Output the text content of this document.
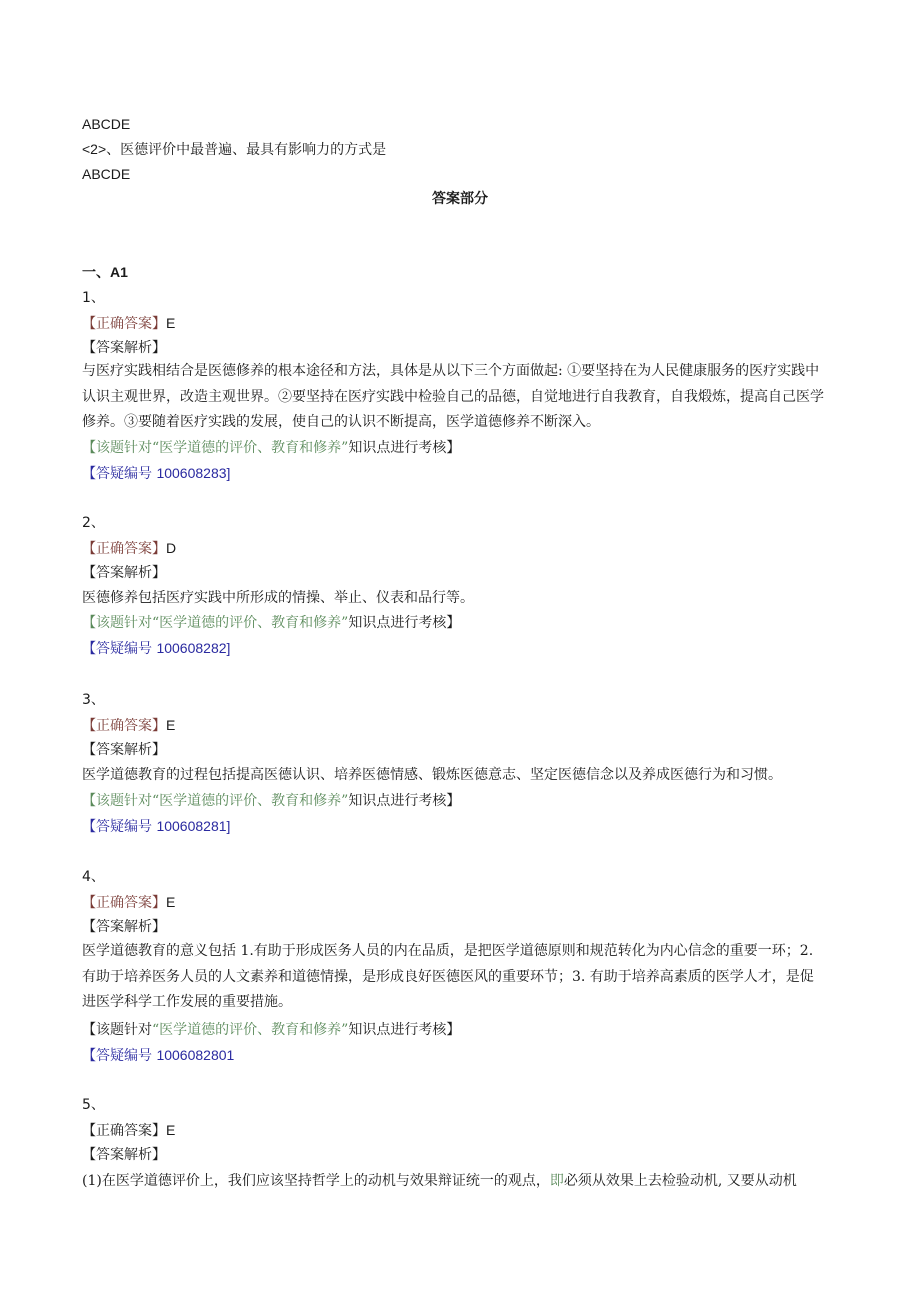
ABCDE
<2>、医德评价中最普遍、最具有影响力的方式是
ABCDE
答案部分
一、A1
1、
【正确答案】E
【答案解析】
与医疗实践相结合是医德修养的根本途径和方法，具体是从以下三个方面做起: ①要坚持在为人民健康服务的医疗实践中认识主观世界，改造主观世界。②要坚持在医疗实践中检验自己的品德，自觉地进行自我教育，自我煅炼，提高自己医学修养。③要随着医疗实践的发展，使自己的认识不断提高，医学道德修养不断深入。
【该题针对“医学道德的评价、教育和修养”知识点进行考核】
【答疑编号 100608283]
2、
【正确答案】D
【答案解析】
医德修养包括医疗实践中所形成的情操、举止、仪表和品行等。
【该题针对“医学道德的评价、教育和修养”知识点进行考核】
【答疑编号 100608282]
3、
【正确答案】E
【答案解析】
医学道德教育的过程包括提高医德认识、培养医德情感、锻炼医德意志、坚定医德信念以及养成医德行为和习惯。
【该题针对“医学道德的评价、教育和修养”知识点进行考核】
【答疑编号 100608281]
4、
【正确答案】E
【答案解析】
医学道德教育的意义包括 1.有助于形成医务人员的内在品质，是把医学道德原则和规范转化为内心信念的重要一环；2. 有助于培养医务人员的人文素养和道德情操，是形成良好医德医风的重要环节；3. 有助于培养高素质的医学人才，是促进医学科学工作发展的重要措施。
【该题针对“医学道德的评价、教育和修养”知识点进行考核】
【答疑编号 1006082801
5、
【正确答案】E
【答案解析】
(1)在医学道德评价上，我们应该坚持哲学上的动机与效果辩证统一的观点，即必须从效果上去检验动机, 又要从动机
